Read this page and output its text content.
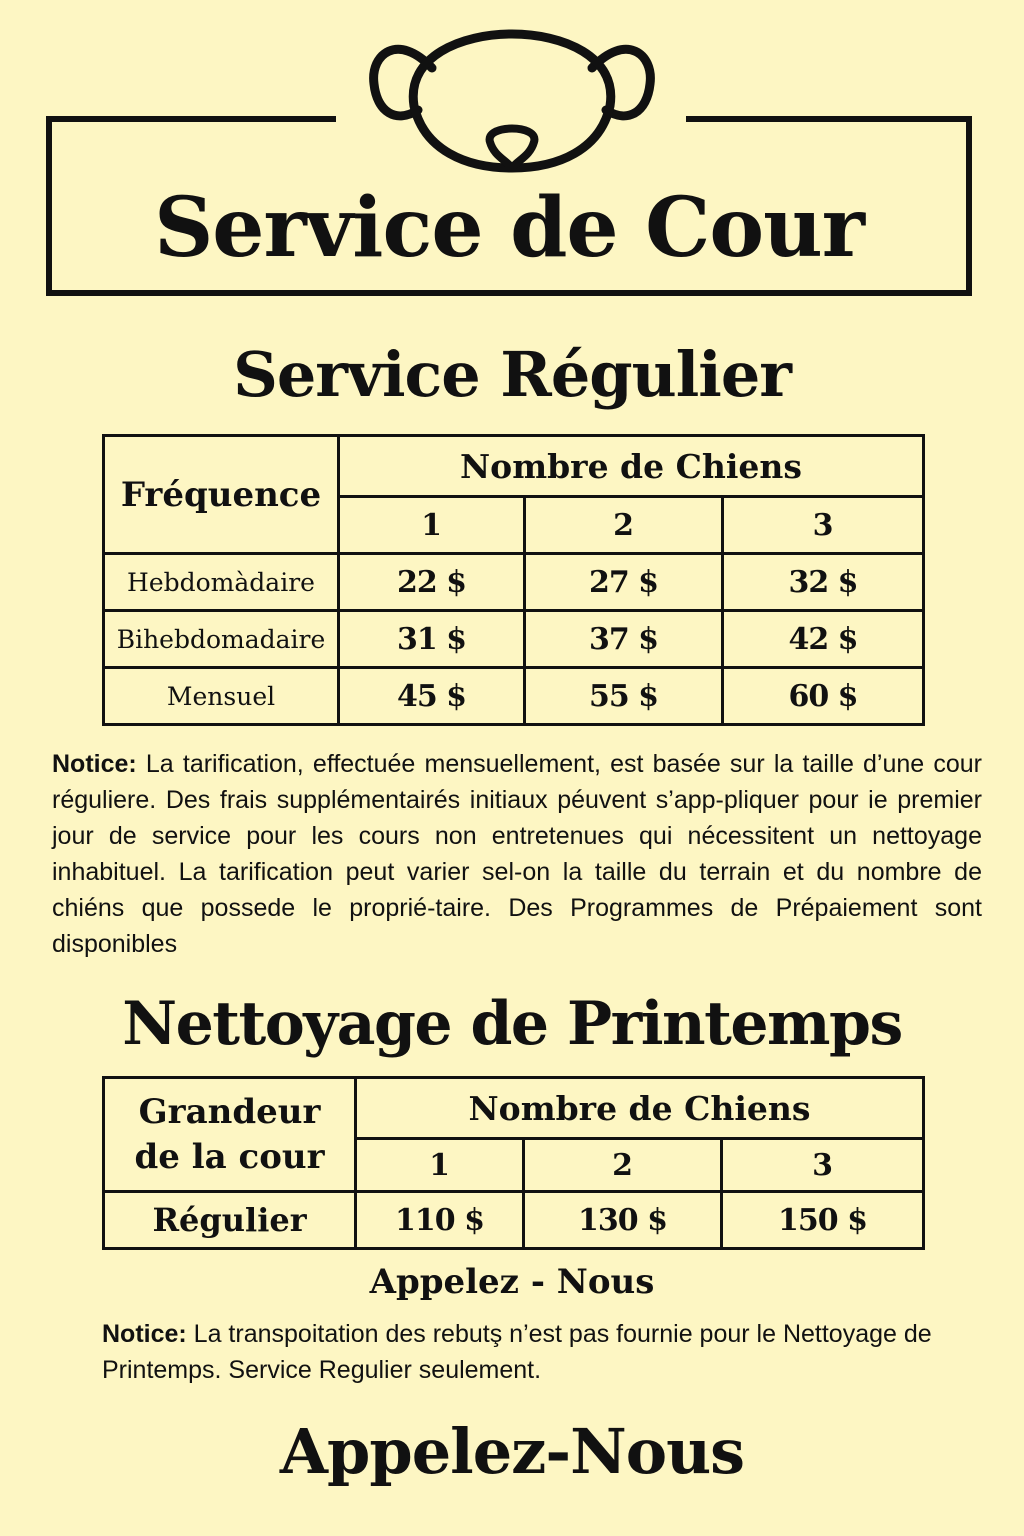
Service de Cour
Service Régulier
Fréquence	Nombre de Chiens		
	1	2	3
Hebdomàdaire	22 $	27 $	32 $
Bihebdomadaire	31 $	37 $	42 $
Mensuel	45 $	55 $	60 $
Notice: La tarification, effectuée mensuellement, est basée sur la taille d’une cour réguliere. Des frais supplémentairés initiaux péuvent s’app-pliquer pour ie premier jour de service pour les cours non entretenues qui nécessitent un nettoyage inhabituel. La tarification peut varier sel-on la taille du terrain et du nombre de chiéns que possede le proprié-taire. Des Programmes de Prépaiement sont disponibles
Nettoyage de Printemps
Grandeur
de la cour	Nombre de Chiens		
	1	2	3
Régulier	110 $	130 $	150 $
Appelez - Nous
Notice: La transpoitation des rebutş n’est pas fournie pour le Nettoyage de Printemps. Service Regulier seulement.
Appelez-Nous
